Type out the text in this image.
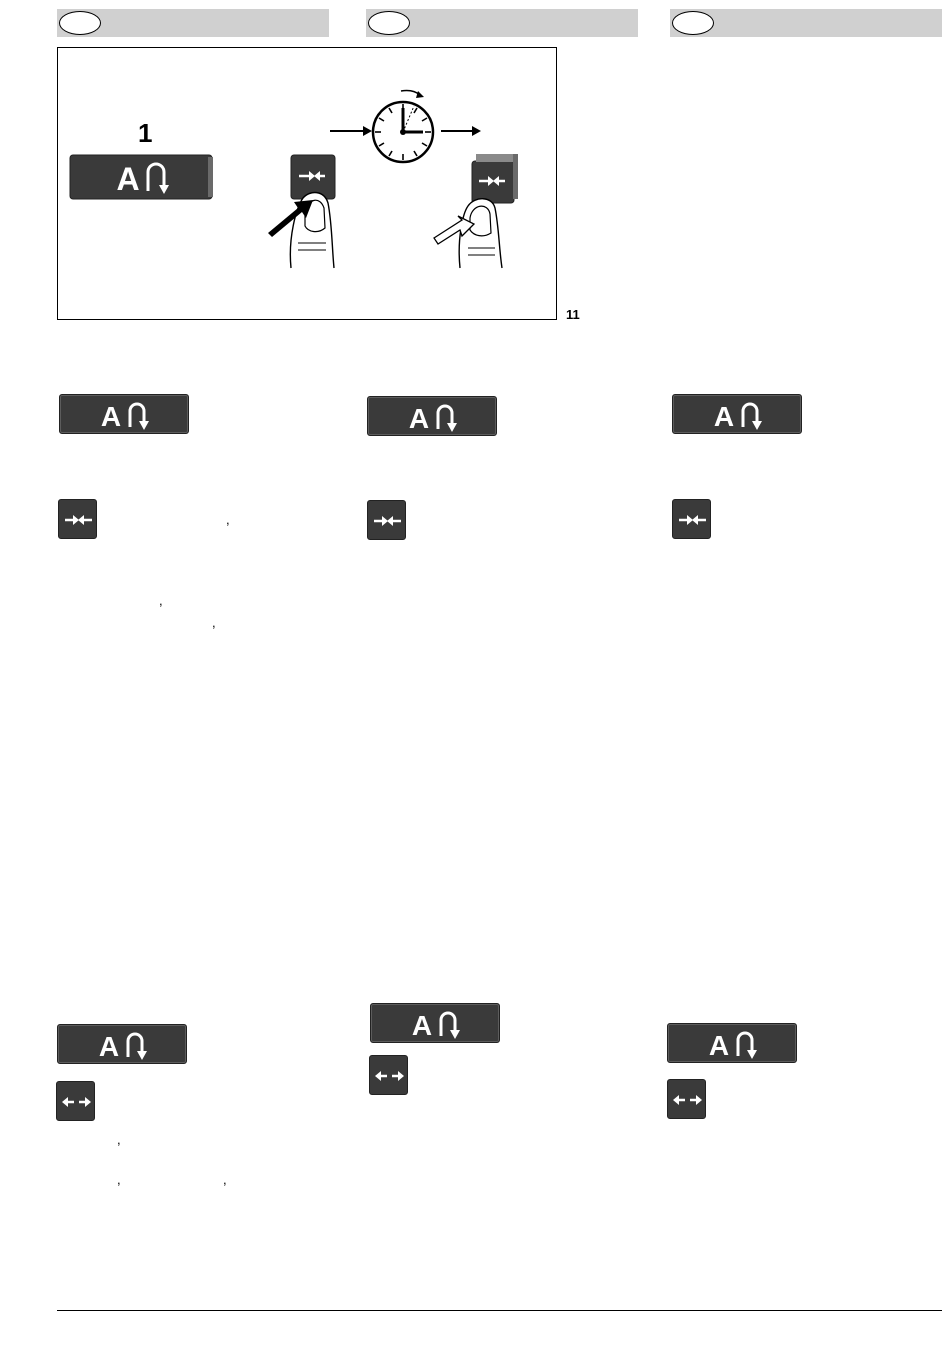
1
A
11
A	A	A
,
,
,
A
A
A
,
,	,
